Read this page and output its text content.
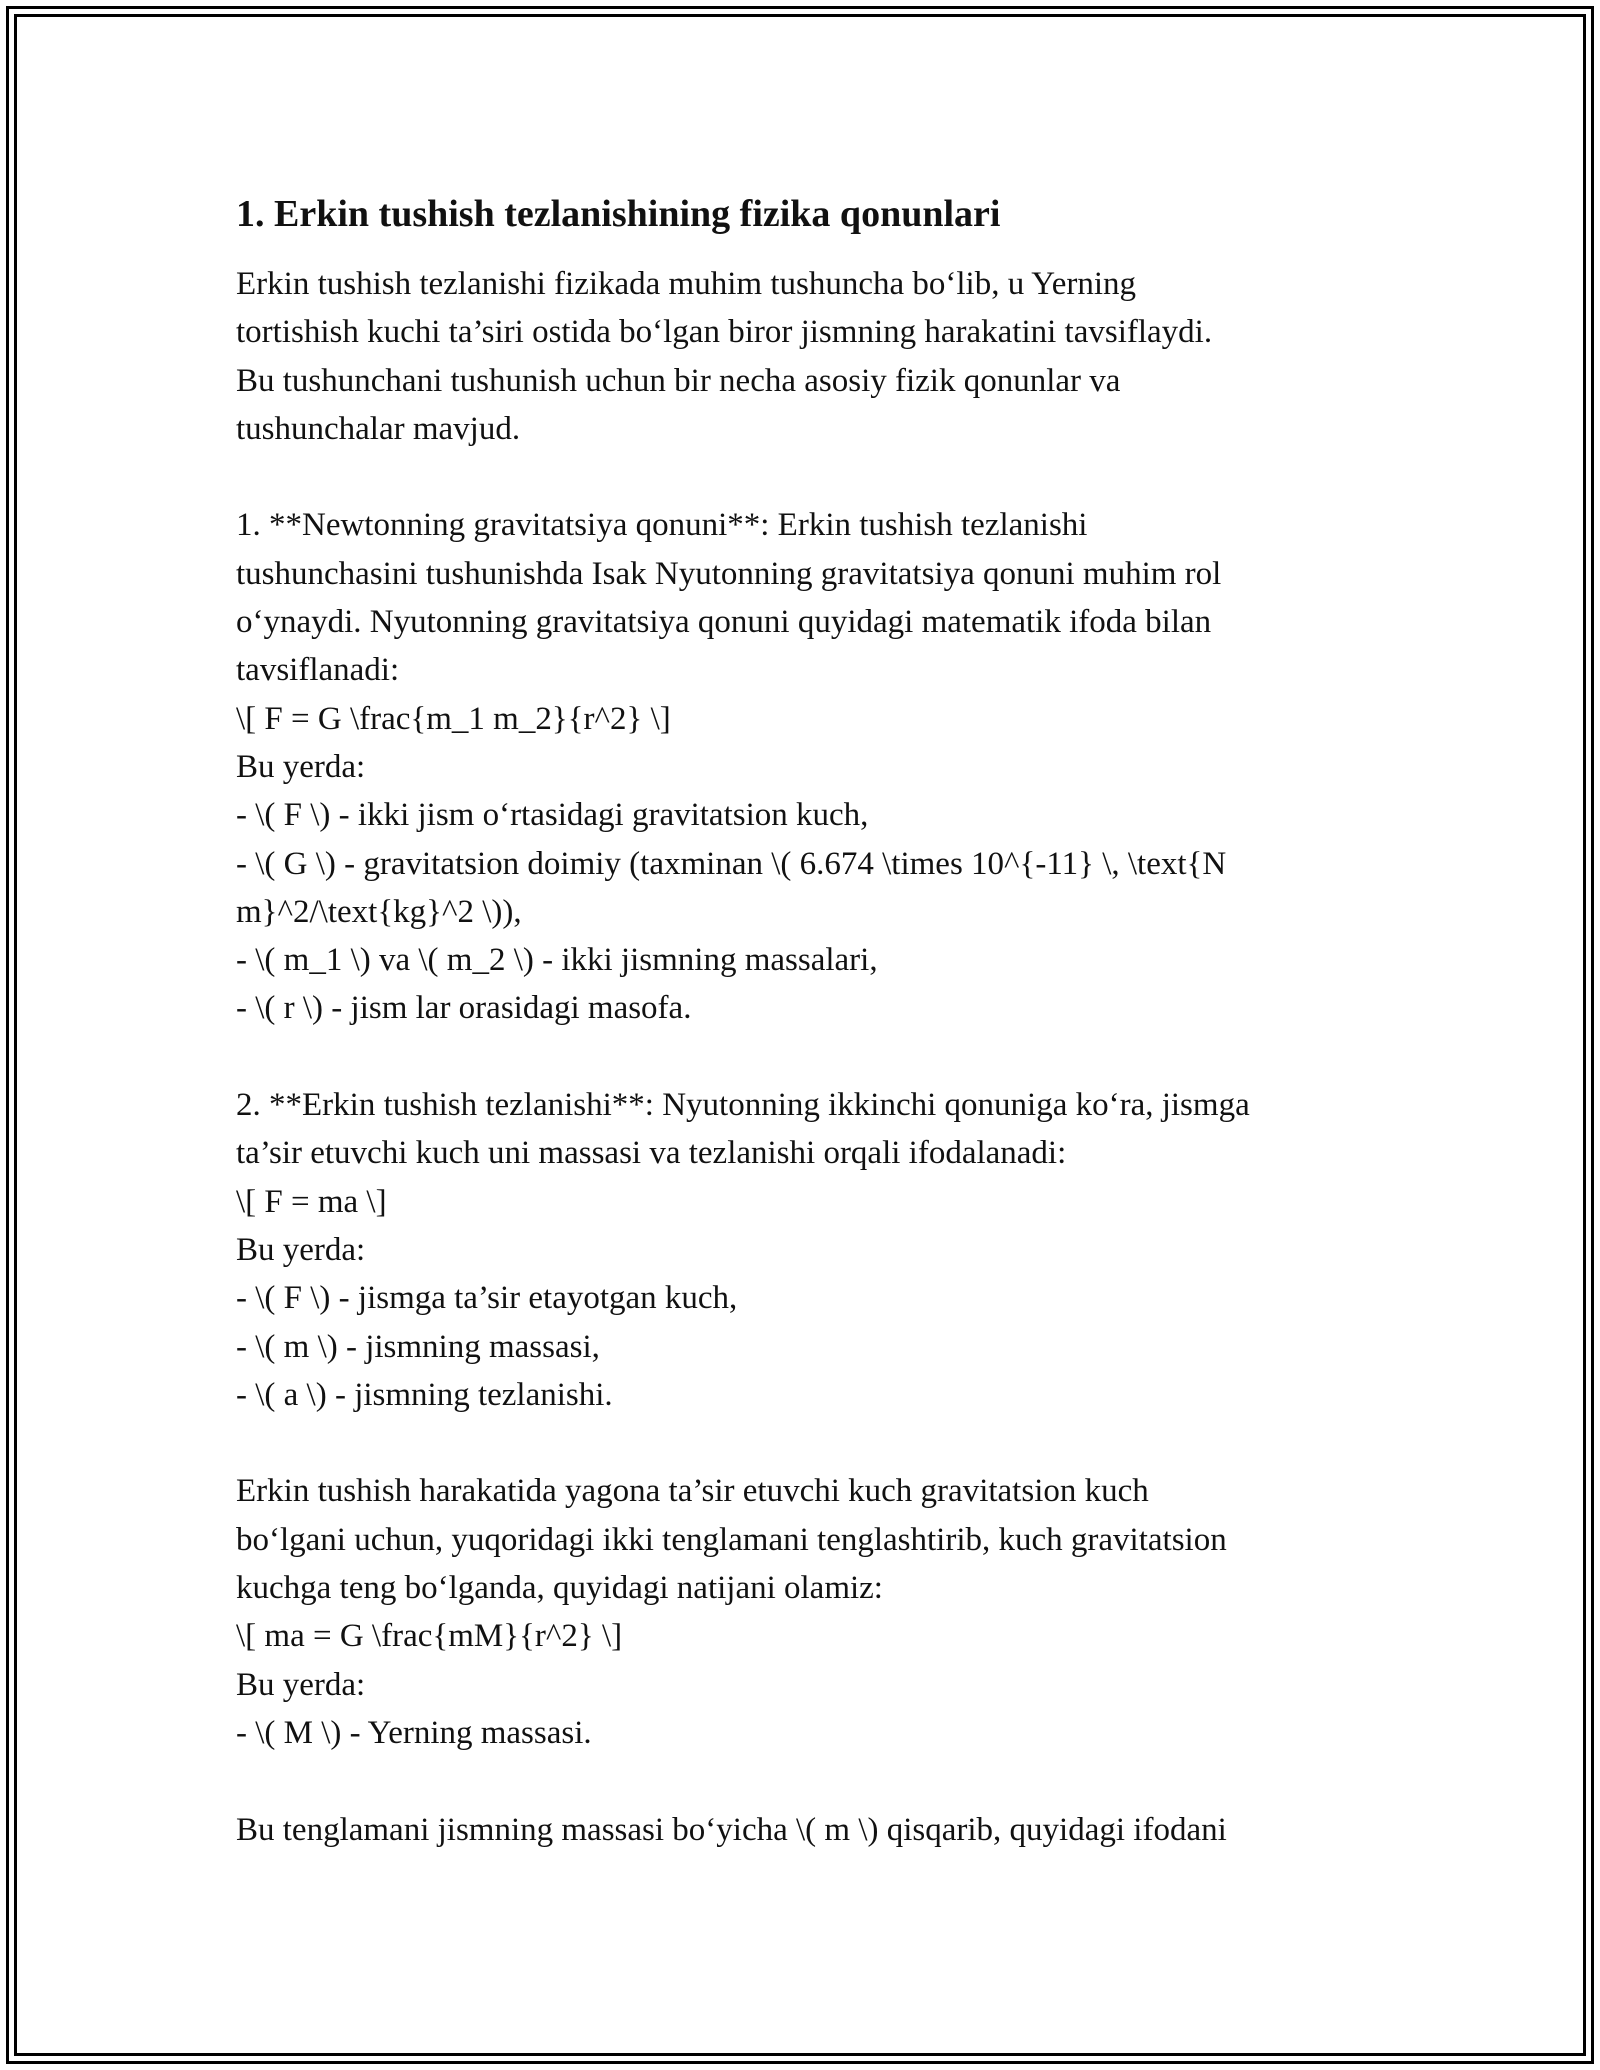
1. Erkin tushish tezlanishining fizika qonunlari
Erkin tushish tezlanishi fizikada muhim tushuncha boʻlib, u Yerning
tortishish kuchi ta’siri ostida boʻlgan biror jismning harakatini tavsiflaydi.
Bu tushunchani tushunish uchun bir necha asosiy fizik qonunlar va
tushunchalar mavjud.
1. **Newtonning gravitatsiya qonuni**: Erkin tushish tezlanishi
tushunchasini tushunishda Isak Nyutonning gravitatsiya qonuni muhim rol
oʻynaydi. Nyutonning gravitatsiya qonuni quyidagi matematik ifoda bilan
tavsiflanadi:
\[ F = G \frac{m_1 m_2}{r^2} \]
Bu yerda:
- \( F \) - ikki jism oʻrtasidagi gravitatsion kuch,
- \( G \) - gravitatsion doimiy (taxminan \( 6.674 \times 10^{-11} \, \text{N
m}^2/\text{kg}^2 \)),
- \( m_1 \) va \( m_2 \) - ikki jismning massalari,
- \( r \) - jism lar orasidagi masofa.
2. **Erkin tushish tezlanishi**: Nyutonning ikkinchi qonuniga koʻra, jismga
ta’sir etuvchi kuch uni massasi va tezlanishi orqali ifodalanadi:
\[ F = ma \]
Bu yerda:
- \( F \) - jismga ta’sir etayotgan kuch,
- \( m \) - jismning massasi,
- \( a \) - jismning tezlanishi.
Erkin tushish harakatida yagona ta’sir etuvchi kuch gravitatsion kuch
boʻlgani uchun, yuqoridagi ikki tenglamani tenglashtirib, kuch gravitatsion
kuchga teng boʻlganda, quyidagi natijani olamiz:
\[ ma = G \frac{mM}{r^2} \]
Bu yerda:
- \( M \) - Yerning massasi.
Bu tenglamani jismning massasi boʻyicha \( m \) qisqarib, quyidagi ifodani
